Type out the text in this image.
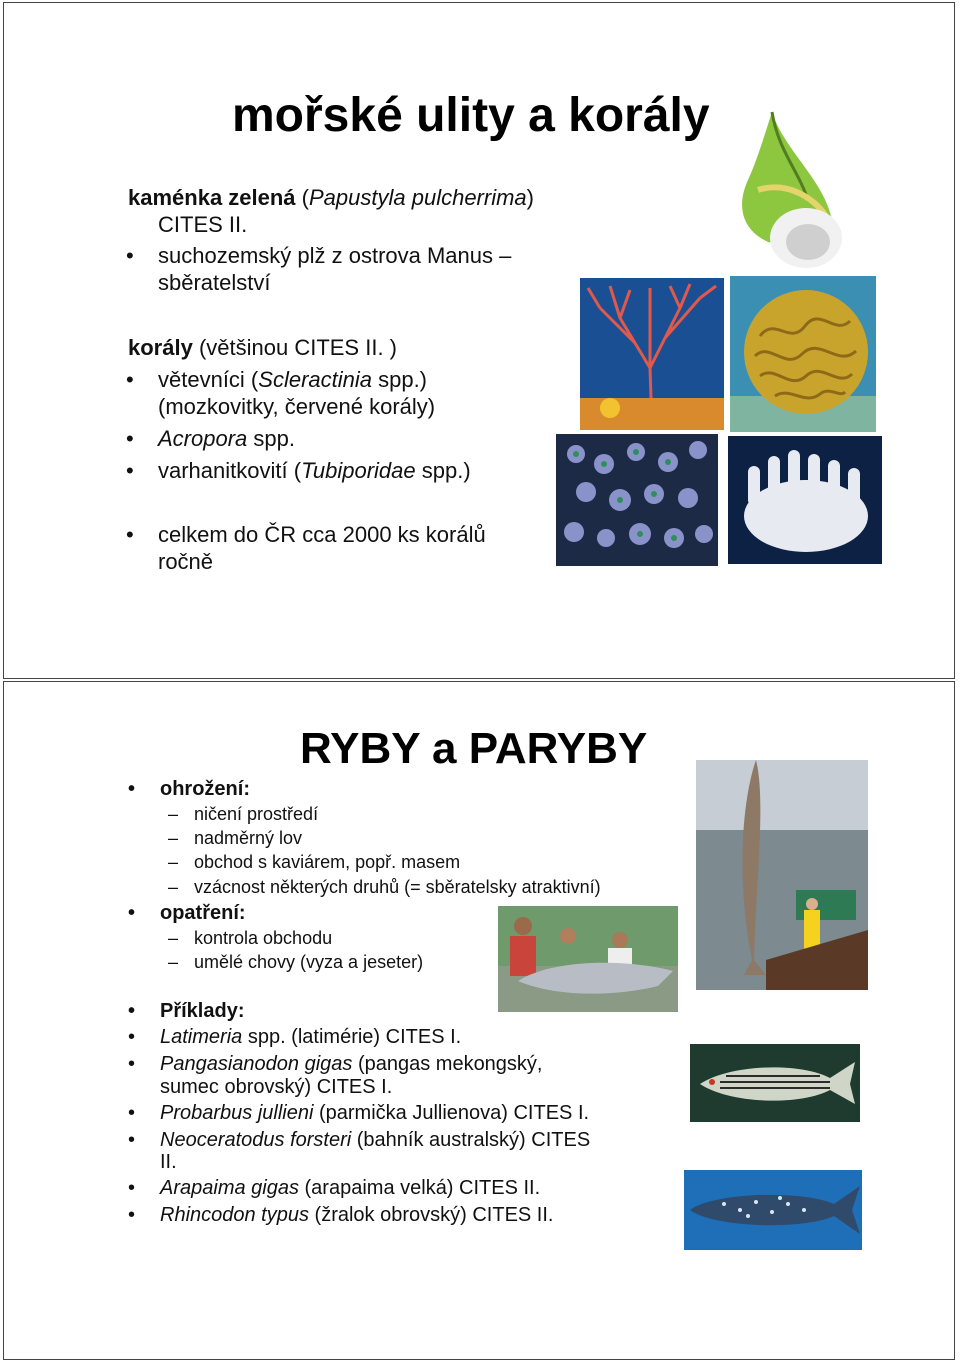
mořské ulity a korály
kaménka zelená (Papustyla pulcherrima)
CITES II.
• suchozemský plž z ostrova Manus –
sběratelství
korály (většinou CITES II. )
• větevníci (Scleractinia spp.)
(mozkovitky, červené korály)
• Acropora spp.
• varhanitkovití (Tubiporidae spp.)
• celkem do ČR cca 2000 ks korálů
ročně
RYBY a PARYBY
• ohrožení:
– ničení prostředí
– nadměrný lov
– obchod s kaviárem, popř. masem
– vzácnost některých druhů (= sběratelsky atraktivní)
• opatření:
– kontrola obchodu
– umělé chovy (vyza a jeseter)
• Příklady:
• Latimeria spp. (latimérie) CITES I.
• Pangasianodon gigas (pangas mekongský,
sumec obrovský) CITES I.
• Probarbus jullieni (parmička Jullienova) CITES I.
• Neoceratodus forsteri (bahník australský) CITES
II.
• Arapaima gigas (arapaima velká) CITES II.
• Rhincodon typus (žralok obrovský) CITES II.
